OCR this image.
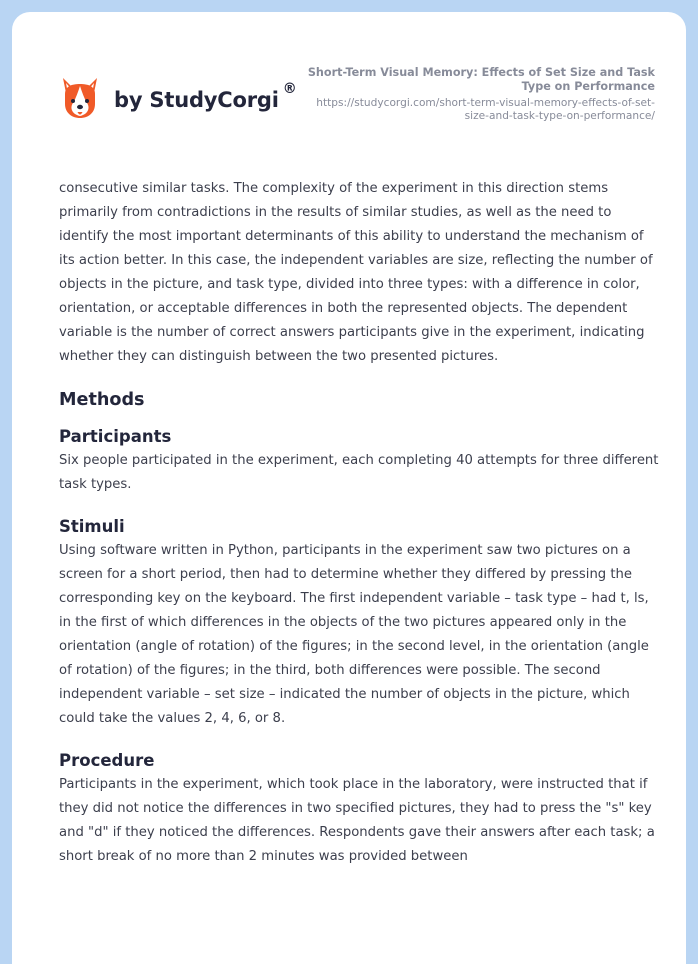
by StudyCorgi ®
Short-Term Visual Memory: Effects of Set Size and Task Type on Performance
https://studycorgi.com/short-term-visual-memory-effects-of-set-size-and-task-type-on-performance/

consecutive similar tasks. The complexity of the experiment in this direction stems primarily from contradictions in the results of similar studies, as well as the need to identify the most important determinants of this ability to understand the mechanism of its action better. In this case, the independent variables are size, reflecting the number of objects in the picture, and task type, divided into three types: with a difference in color, orientation, or acceptable differences in both the represented objects. The dependent variable is the number of correct answers participants give in the experiment, indicating whether they can distinguish between the two presented pictures.

Methods
Participants

Six people participated in the experiment, each completing 40 attempts for three different task types.

Stimuli

Using software written in Python, participants in the experiment saw two pictures on a screen for a short period, then had to determine whether they differed by pressing the corresponding key on the keyboard. The first independent variable – task type – had t, ls, in the first of which differences in the objects of the two pictures appeared only in the orientation (angle of rotation) of the figures; in the second level, in the orientation (angle of rotation) of the figures; in the third, both differences were possible. The second independent variable – set size – indicated the number of objects in the picture, which could take the values 2, 4, 6, or 8.

Procedure

Participants in the experiment, which took place in the laboratory, were instructed that if they did not notice the differences in two specified pictures, they had to press the "s" key and "d" if they noticed the differences. Respondents gave their answers after each task; a short break of no more than 2 minutes was provided between
